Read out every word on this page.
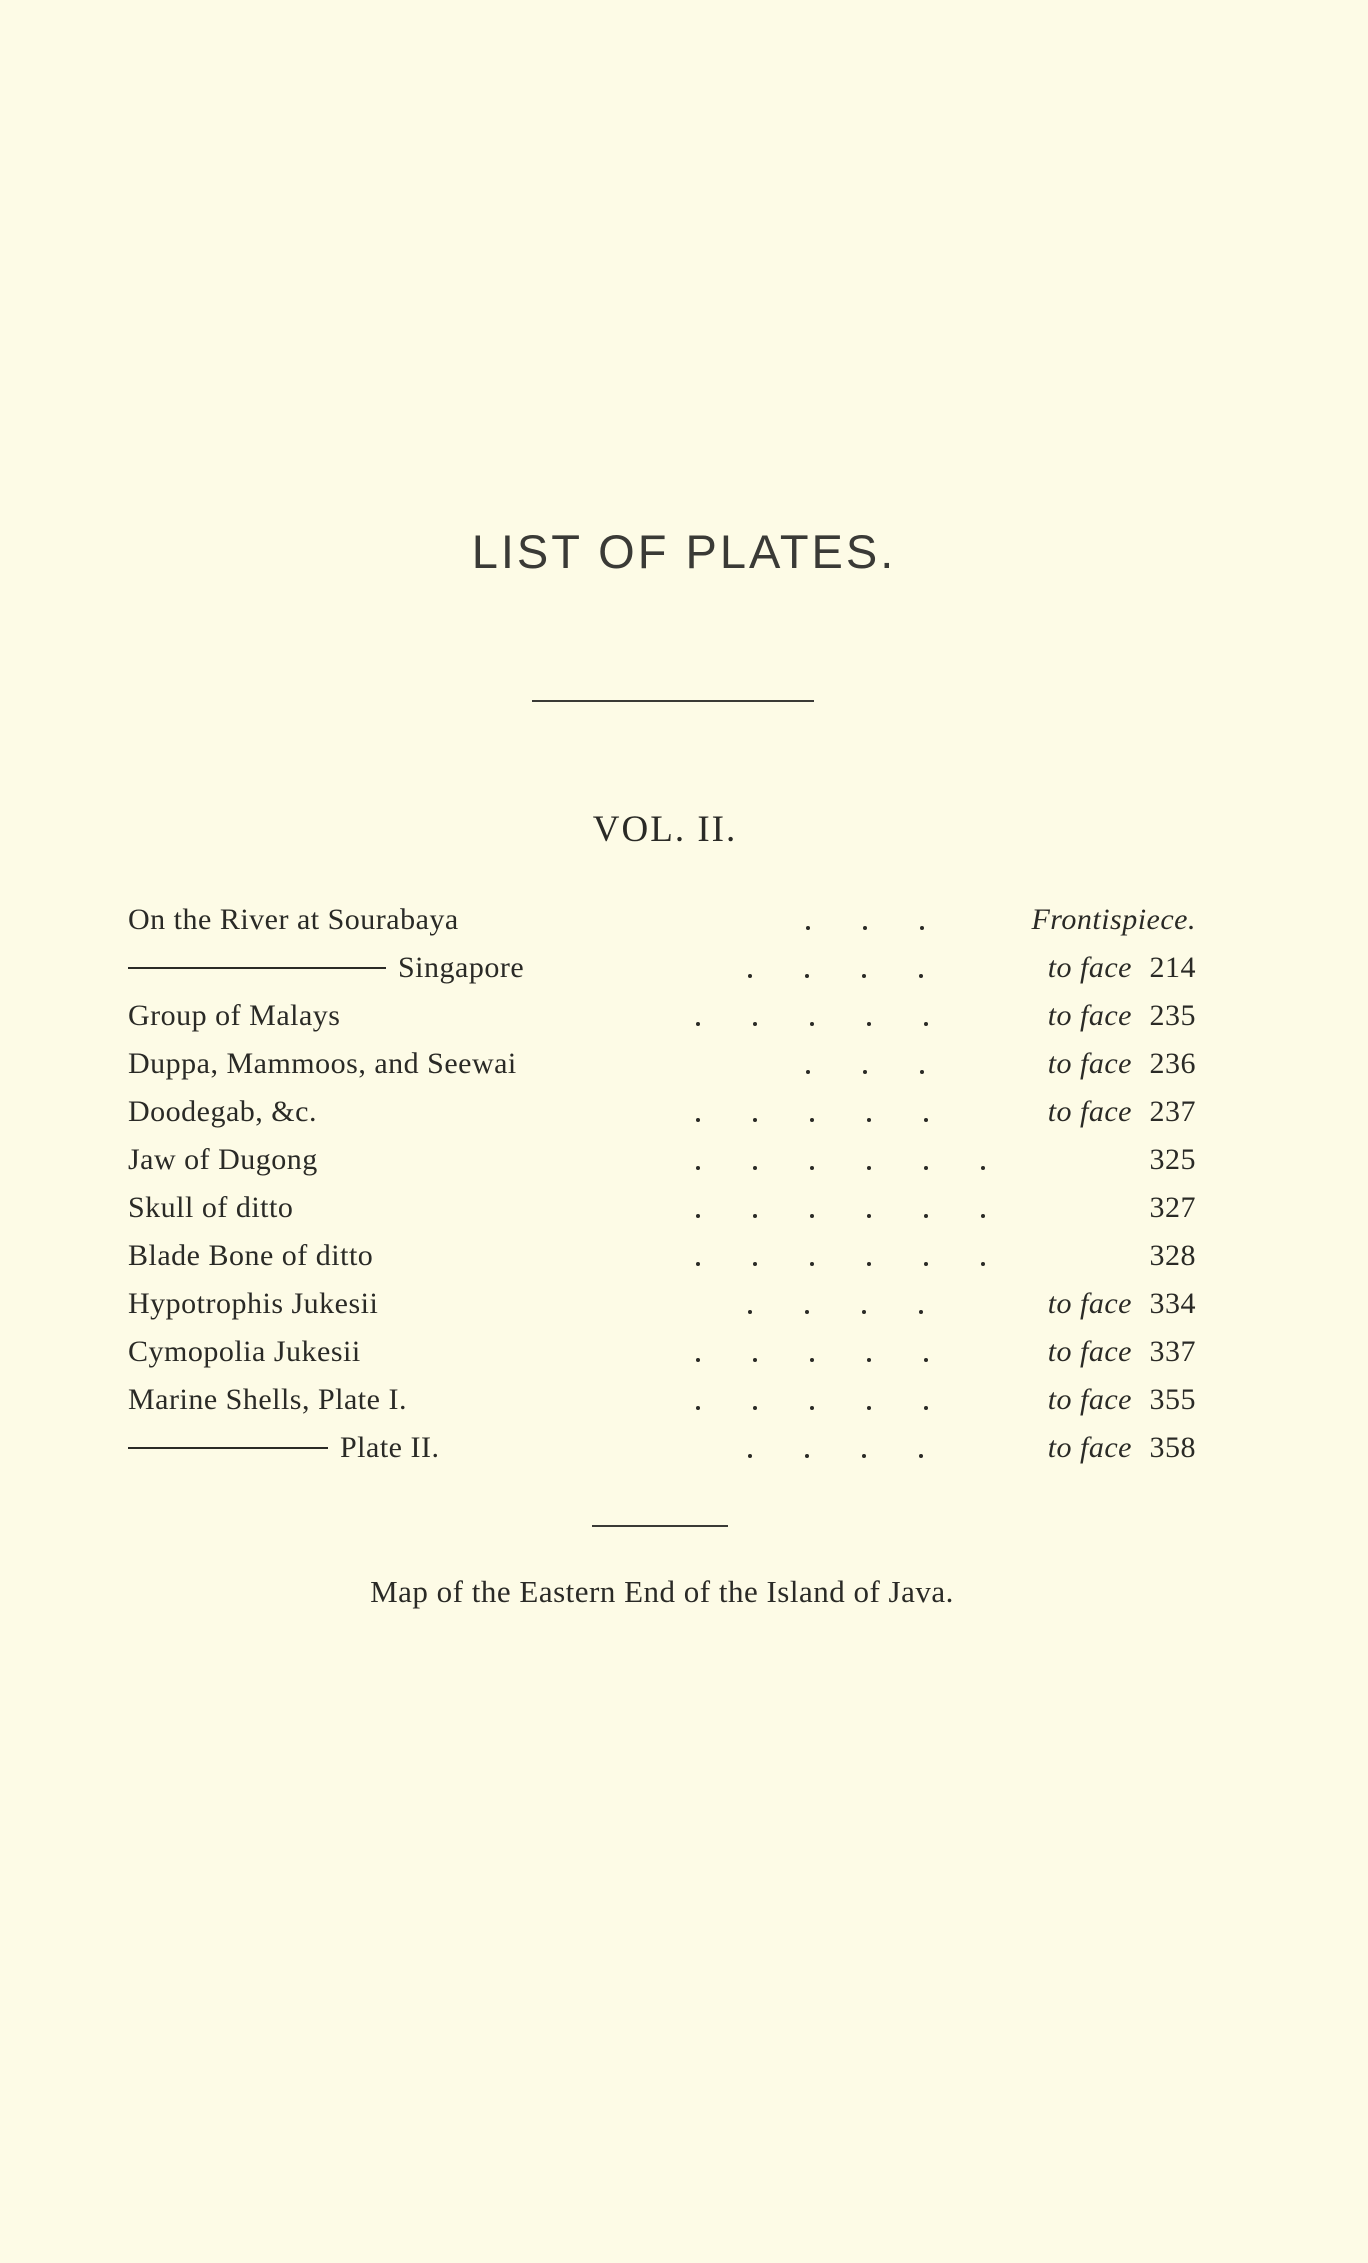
LIST OF PLATES.
VOL. II.
On the River at Sourabaya	Frontispiece.
Singapore	to face 214
Group of Malays	to face 235
Duppa, Mammoos, and Seewai	to face 236
Doodegab, &c.	to face 237
Jaw of Dugong	325
Skull of ditto	327
Blade Bone of ditto	328
Hypotrophis Jukesii	to face 334
Cymopolia Jukesii	to face 337
Marine Shells, Plate I.	to face 355
Plate II.	to face 358

Map of the Eastern End of the Island of Java.
